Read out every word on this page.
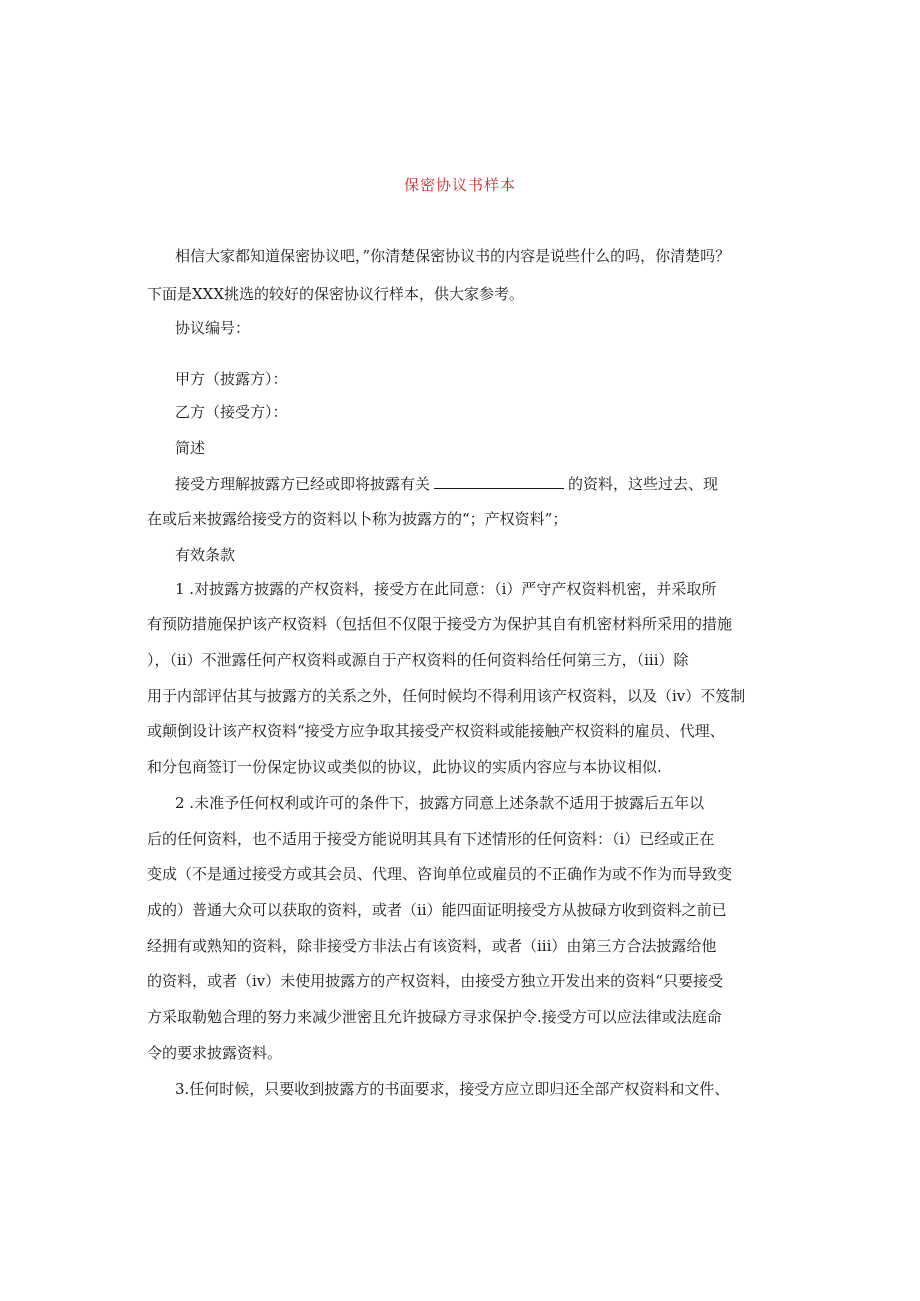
保密协议书样本
相信大家都知道保密协议吧，”你清楚保密协议书的内容是说些什么的吗，你清楚吗？
下面是XXX挑选的较好的保密协议行样本，供大家参考。
协议编号：
甲方（披露方）：
乙方（接受方）：
简述
接受方理解披露方已经或即将披露有关	的资料，这些过去、现
在或后来披露给接受方的资料以卜称为披露方的“；产权资料”；
有效条款
1 .对披露方披露的产权资料，接受方在此同意：（i）严守产权资料机密，并采取所
有预防措施保护该产权资料（包括但不仅限于接受方为保护其自有机密材料所采用的措施
），（ii）不泄露任何产权资料或源自于产权资料的任何资料给任何第三方，（iii）除
用于内部评估其与披露方的关系之外，任何时候均不得利用该产权资料，以及（iv）不笈制
或颠倒设计该产权资料“接受方应争取其接受产权资料或能接触产权资料的雇员、代理、
和分包商签订一份保定协议或类似的协议，此协议的实质内容应与本协议相似.
2 .未准予任何权利或许可的条件下，披露方同意上述条款不适用于披露后五年以
后的任何资料，也不适用于接受方能说明其具有下述情形的任何资料：（i）已经或正在
变成（不是通过接受方或其会员、代理、咨询单位或雇员的不正确作为或不作为而导致变
成的）普通大众可以获取的资料，或者（ii）能四面证明接受方从披碌方收到资料之前已
经拥有或熟知的资料，除非接受方非法占有该资料，或者（iii）由第三方合法披露给他
的资料，或者（iv）未使用披露方的产权资料，由接受方独立开发出来的资料“只要接受
方采取勒勉合理的努力来减少泄密且允许披碌方寻求保护令.接受方可以应法律或法庭命
令的要求披露资料。
3.任何时候，只要收到披露方的书面要求，接受方应立即归还全部产权资料和文件、
